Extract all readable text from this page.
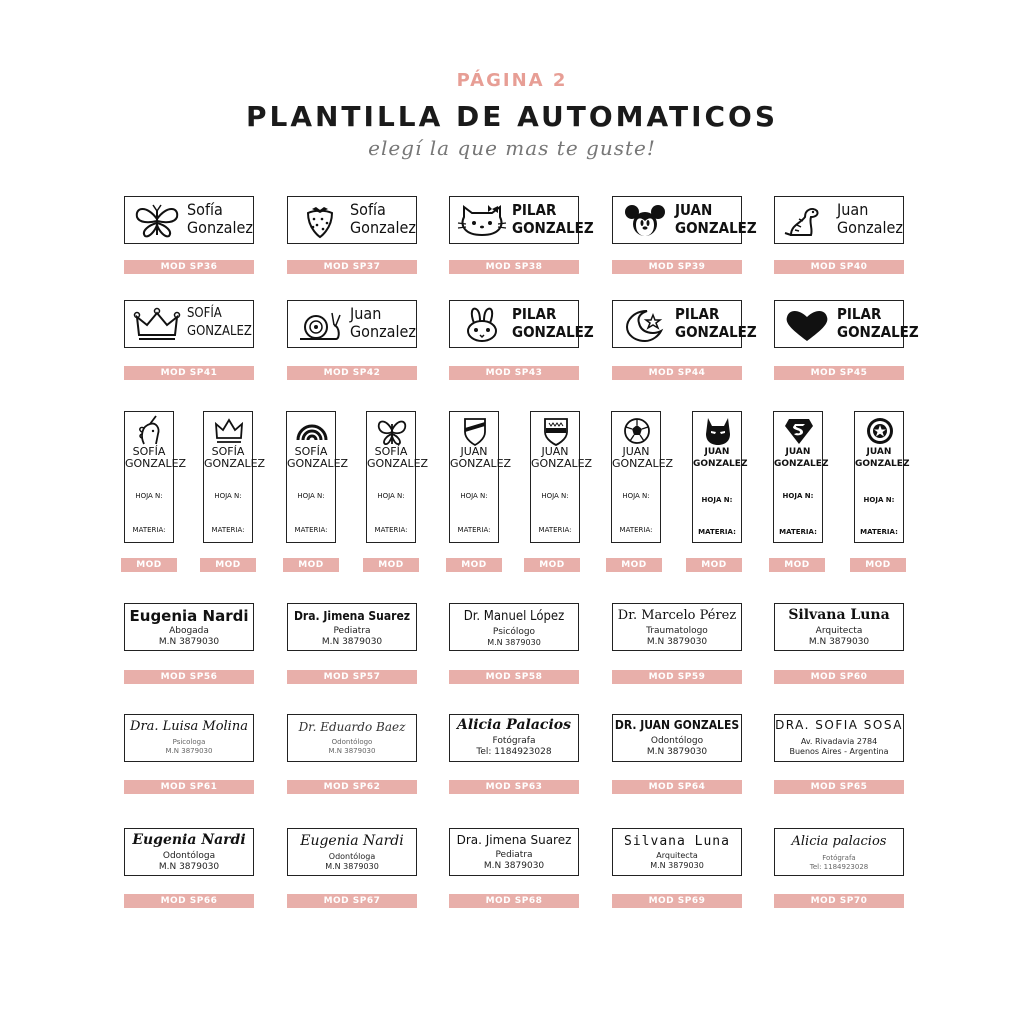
PÁGINA 2
PLANTILLA DE AUTOMATICOS
elegí la que mas te guste!
Sofía
Gonzalez
MOD SP36
Sofía
Gonzalez
MOD SP37
PILAR
GONZALEZ
MOD SP38
JUAN
GONZALEZ
MOD SP39
Juan
Gonzalez
MOD SP40
SOFÍA
GONZALEZ
MOD SP41
Juan
Gonzalez
MOD SP42
PILAR
GONZALEZ
MOD SP43
PILAR
GONZALEZ
MOD SP44
PILAR
GONZALEZ
MOD SP45
SOFÍA
GONZALEZ
HOJA N:
MATERIA:
MOD SP46
SOFÍA
GONZALEZ
HOJA N:
MATERIA:
MOD SP47
SOFÍA
GONZALEZ
HOJA N:
MATERIA:
MOD SP48
SOFÍA
GONZALEZ
HOJA N:
MATERIA:
MOD SP49
JUAN
GONZALEZ
HOJA N:
MATERIA:
MOD SP50
JUAN
GONZALEZ
HOJA N:
MATERIA:
MOD SP51
JUAN
GONZALEZ
HOJA N:
MATERIA:
MOD SP52
JUAN
GONZALEZ
HOJA N:
MATERIA:
MOD SP53
JUAN
GONZALEZ
HOJA N:
MATERIA:
MOD SP54
JUAN
GONZALEZ
HOJA N:
MATERIA:
MOD SP55
Eugenia Nardi
Abogada
M.N 3879030
MOD SP56
Dra. Jimena Suarez
Pediatra
M.N 3879030
MOD SP57
Dr. Manuel López
Psicólogo
M.N 3879030
MOD SP58
Dr. Marcelo Pérez
Traumatologo
M.N 3879030
MOD SP59
Silvana Luna
Arquitecta
M.N 3879030
MOD SP60
Dra. Luisa Molina
Psicologa
M.N 3879030
MOD SP61
Dr. Eduardo Baez
Odontólogo
M.N 3879030
MOD SP62
Alicia Palacios
Fotógrafa
Tel: 1184923028
MOD SP63
DR. JUAN GONZALES
Odontólogo
M.N 3879030
MOD SP64
DRA. SOFIA SOSA
Av. Rivadavia 2784
Buenos Aires - Argentina
MOD SP65
Eugenia Nardi
Odontóloga
M.N 3879030
MOD SP66
Eugenia Nardi
Odontóloga
M.N 3879030
MOD SP67
Dra. Jimena Suarez
Pediatra
M.N 3879030
MOD SP68
Silvana Luna
Arquitecta
M.N 3879030
MOD SP69
Alicia palacios
Fotógrafa
Tel: 1184923028
MOD SP70
